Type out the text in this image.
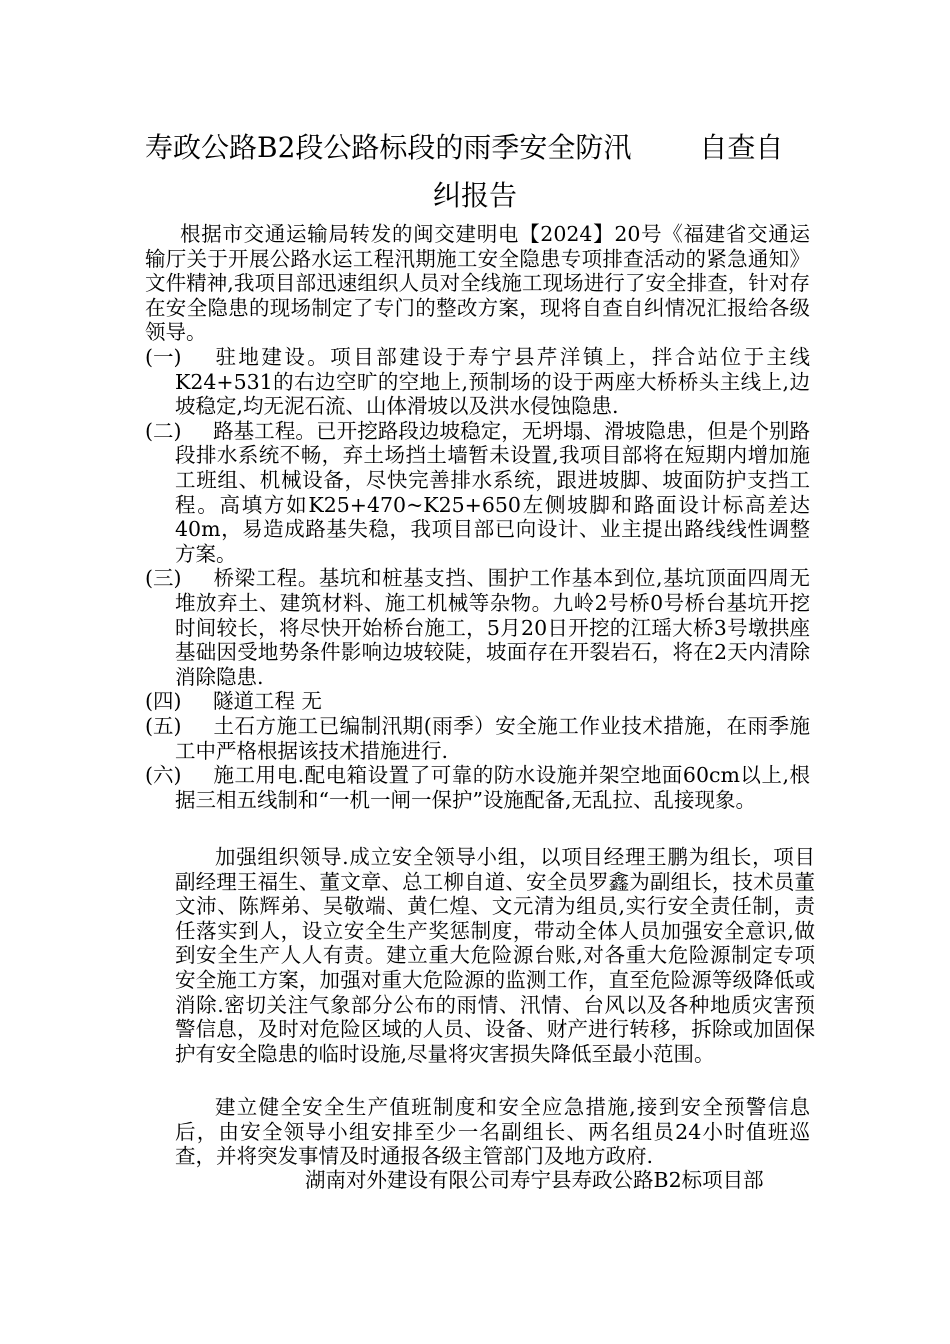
寿政公路B2段公路标段的雨季安全防汛 自查自
纠报告
根据市交通运输局转发的闽交建明电【2024】20号《福建省交通运输厅关于开展公路水运工程汛期施工安全隐患专项排查活动的紧急通知》文件精神,我项目部迅速组织人员对全线施工现场进行了安全排查，针对存在安全隐患的现场制定了专门的整改方案，现将自查自纠情况汇报给各级领导。
(一)	驻地建设。项目部建设于寿宁县芹洋镇上，拌合站位于主线K24+531的右边空旷的空地上,预制场的设于两座大桥桥头主线上,边坡稳定,均无泥石流、山体滑坡以及洪水侵蚀隐患.
(二)	路基工程。已开挖路段边坡稳定，无坍塌、滑坡隐患，但是个别路段排水系统不畅，弃土场挡土墙暂未设置,我项目部将在短期内增加施工班组、机械设备，尽快完善排水系统，跟进坡脚、坡面防护支挡工程。高填方如K25+470~K25+650左侧坡脚和路面设计标高差达40m，易造成路基失稳，我项目部已向设计、业主提出路线线性调整方案。
(三)	桥梁工程。基坑和桩基支挡、围护工作基本到位,基坑顶面四周无堆放弃土、建筑材料、施工机械等杂物。九岭2号桥0号桥台基坑开挖时间较长，将尽快开始桥台施工，5月20日开挖的江瑶大桥3号墩拱座基础因受地势条件影响边坡较陡，坡面存在开裂岩石，将在2天内清除消除隐患.
(四)	隧道工程 无
(五)	土石方施工已编制汛期(雨季）安全施工作业技术措施，在雨季施工中严格根据该技术措施进行.
(六)	施工用电.配电箱设置了可靠的防水设施并架空地面60cm以上,根据三相五线制和“一机一闸一保护”设施配备,无乱拉、乱接现象。
加强组织领导.成立安全领导小组，以项目经理王鹏为组长，项目副经理王福生、董文章、总工柳自道、安全员罗鑫为副组长，技术员董文沛、陈辉弟、吴敬端、黄仁煌、文元清为组员,实行安全责任制，责任落实到人，设立安全生产奖惩制度，带动全体人员加强安全意识,做到安全生产人人有责。建立重大危险源台账,对各重大危险源制定专项安全施工方案，加强对重大危险源的监测工作，直至危险源等级降低或消除.密切关注气象部分公布的雨情、汛情、台风以及各种地质灾害预警信息，及时对危险区域的人员、设备、财产进行转移，拆除或加固保护有安全隐患的临时设施,尽量将灾害损失降低至最小范围。
建立健全安全生产值班制度和安全应急措施,接到安全预警信息后，由安全领导小组安排至少一名副组长、两名组员24小时值班巡查，并将突发事情及时通报各级主管部门及地方政府.
湖南对外建设有限公司寿宁县寿政公路B2标项目部
